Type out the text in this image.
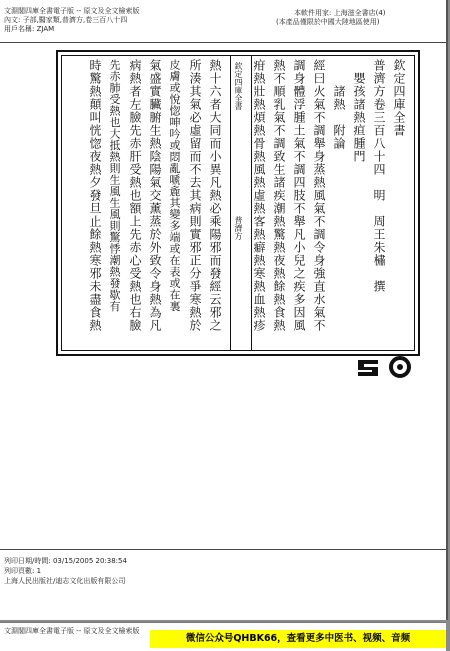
文淵閣四庫全書電子版 -- 原文及全文檢索版
內文: 子部,醫家類,普濟方,卷三百八十四
用戶名稱: ZJAM
本軟件用家: 上海滋全書店(4)
(本產品僅限於中國大陸地區使用)
欽定四庫全書
普濟方卷三百八十四　明　周王朱橚　撰
　嬰孩諸熱疸腫門
　　諸熱　附論
經曰火氣不調舉身蒸熱風氣不調令身強直水氣不
調身體浮腫土氣不調四肢不舉凡小兒之疾多因風
熱不順乳氣不調致生諸疾潮熱驚熱夜熱餘熱食熱
疳熱壯熱煩熱骨熱風熱虛熱客熱癖熱寒熱血熱疹
欽定四庫全書
普濟方
熱十六者大同而小異凡熱必乘陽邪而發經云邪之
所湊其氣必虛留而不去其病則實邪正分爭寒熱於
皮膚或悅惚呻吟或悶亂嗁麁其變多端或在表或在裏
氣盛實臟腑生熱陰陽氣交薰蒸於外致令身熱為凡
病熱者左臉先赤肝受熱也額上先赤心受熱也右臉
先赤肺受熱也大抵熱則生風生風則驚悸潮熱發歇有
時驚熱顛叫恍惚夜熱夕發旦止餘熱寒邪未盡食熱
列印日期/時間: 03/15/2005 20:38:54
列印頁數: 1
上海人民出版社/迪志文化出版有限公司
文淵閣四庫全書電子版 -- 原文及全文檢索版
微信公众号QHBK66，查看更多中医书、视频、音频
